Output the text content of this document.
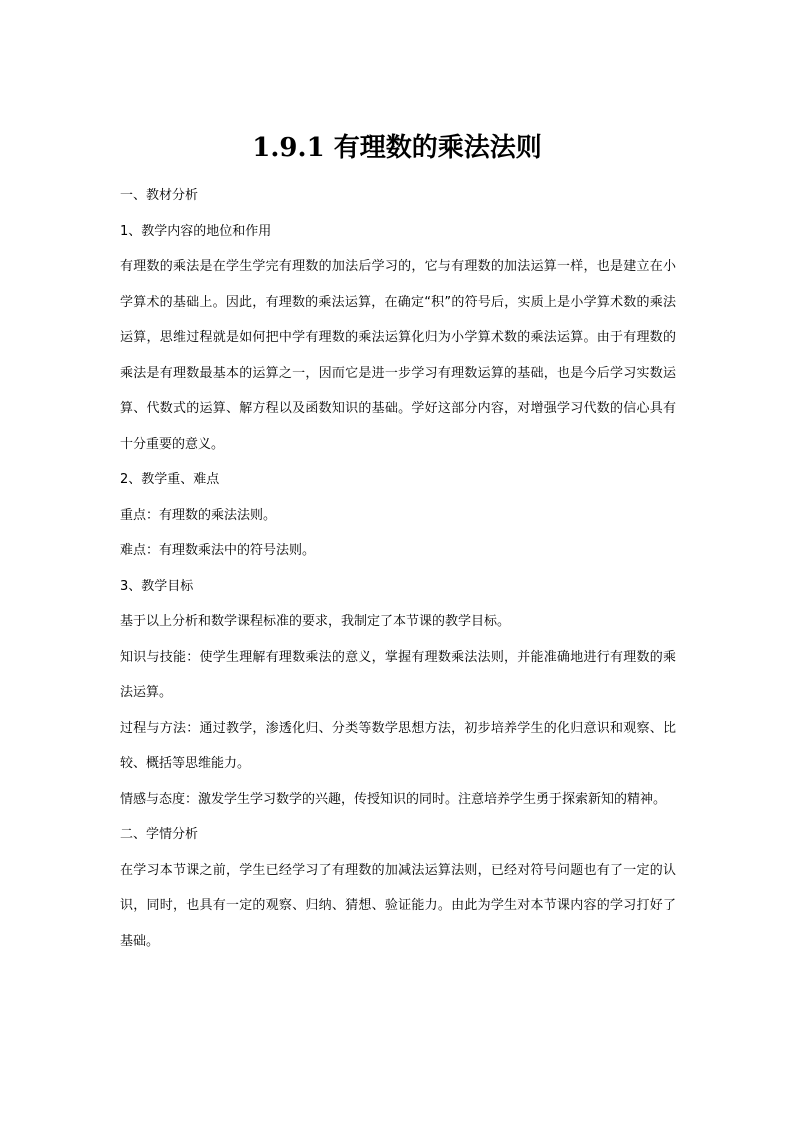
1.9.1 有理数的乘法法则

一、教材分析

1、教学内容的地位和作用

有理数的乘法是在学生学完有理数的加法后学习的，它与有理数的加法运算一样，也是建立在小学算术的基础上。因此，有理数的乘法运算，在确定“积”的符号后，实质上是小学算术数的乘法运算，思维过程就是如何把中学有理数的乘法运算化归为小学算术数的乘法运算。由于有理数的乘法是有理数最基本的运算之一，因而它是进一步学习有理数运算的基础，也是今后学习实数运算、代数式的运算、解方程以及函数知识的基础。学好这部分内容，对增强学习代数的信心具有十分重要的意义。

2、教学重、难点

重点：有理数的乘法法则。

难点：有理数乘法中的符号法则。

3、教学目标

基于以上分析和数学课程标准的要求，我制定了本节课的教学目标。

知识与技能：使学生理解有理数乘法的意义，掌握有理数乘法法则，并能准确地进行有理数的乘法运算。

过程与方法：通过教学，渗透化归、分类等数学思想方法，初步培养学生的化归意识和观察、比较、概括等思维能力。

情感与态度：激发学生学习数学的兴趣，传授知识的同时。注意培养学生勇于探索新知的精神。

二、学情分析

在学习本节课之前，学生已经学习了有理数的加减法运算法则，已经对符号问题也有了一定的认识，同时，也具有一定的观察、归纳、猜想、验证能力。由此为学生对本节课内容的学习打好了基础。
